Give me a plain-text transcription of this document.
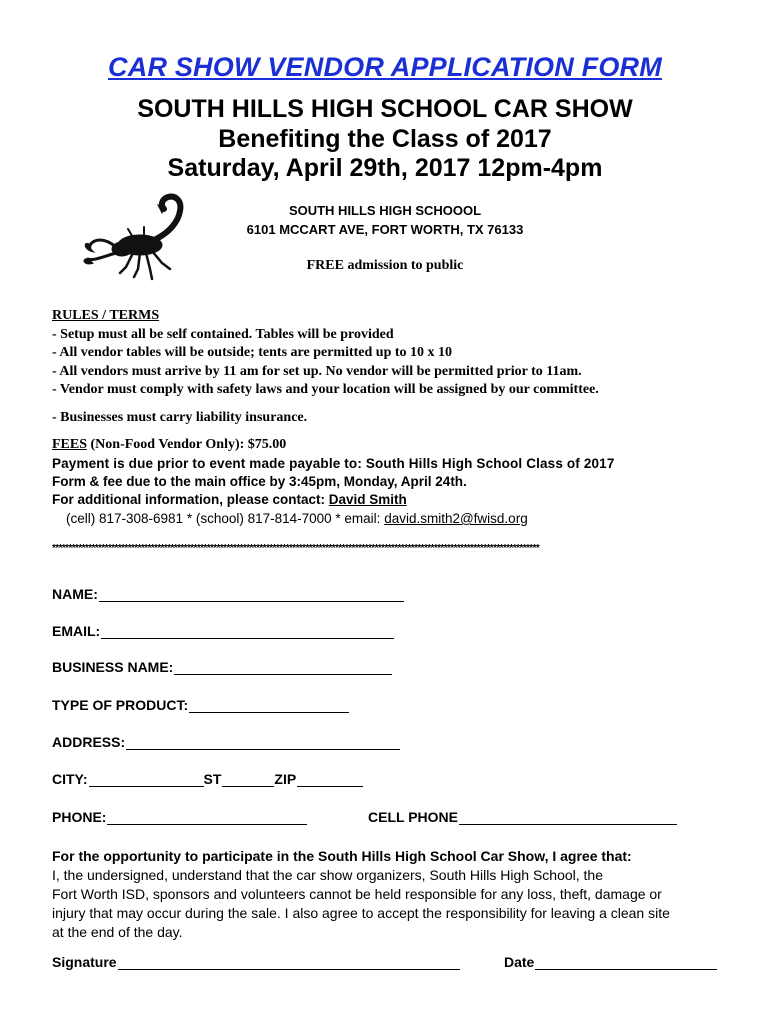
CAR SHOW VENDOR APPLICATION FORM
SOUTH HILLS HIGH SCHOOL CAR SHOW
Benefiting the Class of 2017
Saturday, April 29th, 2017 12pm-4pm
SOUTH HILLS HIGH SCHOOOL
6101 MCCART AVE, FORT WORTH, TX 76133
FREE admission to public
RULES / TERMS
- Setup must all be self contained. Tables will be provided
- All vendor tables will be outside; tents are permitted up to 10 x 10
- All vendors must arrive by 11 am for set up. No vendor will be permitted prior to 11am.
- Vendor must comply with safety laws and your location will be assigned by our committee.
- Businesses must carry liability insurance.
FEES (Non-Food Vendor Only): $75.00
Payment is due prior to event made payable to: South Hills High School Class of 2017
Form & fee due to the main office by 3:45pm, Monday, April 24th.
For additional information, please contact: David Smith
(cell) 817-308-6981 * (school) 817-814-7000 * email: david.smith2@fwisd.org
****************************************************************************************************************************************************
NAME:
EMAIL:
BUSINESS NAME:
TYPE OF PRODUCT:
ADDRESS:
CITY:	ST	ZIP
PHONE:	CELL PHONE
For the opportunity to participate in the South Hills High School Car Show, I agree that:
I, the undersigned, understand that the car show organizers, South Hills High School, the
Fort Worth ISD, sponsors and volunteers cannot be held responsible for any loss, theft, damage or
injury that may occur during the sale. I also agree to accept the responsibility for leaving a clean site
at the end of the day.
Signature	Date
